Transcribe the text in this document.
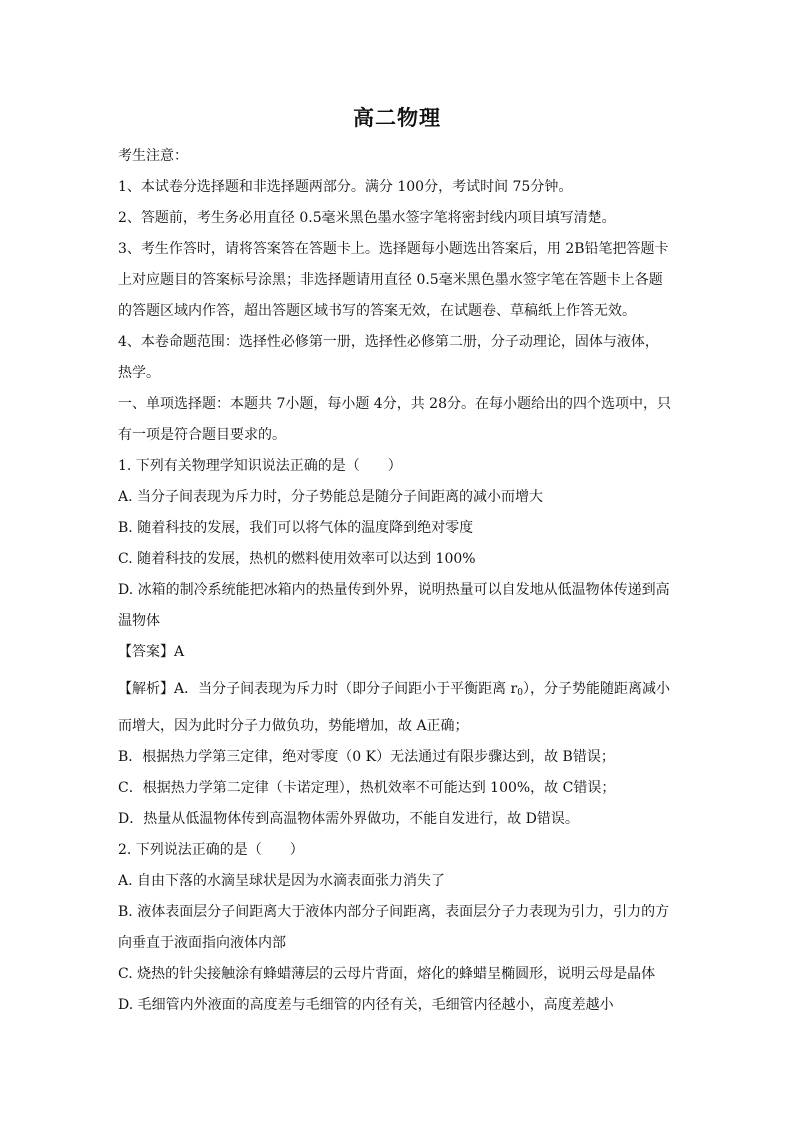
高二物理
考生注意：
1、本试卷分选择题和非选择题两部分。满分 100分，考试时间 75分钟。
2、答题前，考生务必用直径 0.5毫米黑色墨水签字笔将密封线内项目填写清楚。
3、考生作答时，请将答案答在答题卡上。选择题每小题选出答案后，用 2B铅笔把答题卡
上对应题目的答案标号涂黑；非选择题请用直径 0.5毫米黑色墨水签字笔在答题卡上各题
的答题区域内作答，超出答题区域书写的答案无效，在试题卷、草稿纸上作答无效。
4、本卷命题范围：选择性必修第一册，选择性必修第二册，分子动理论，固体与液体，
热学。
一、单项选择题：本题共 7小题，每小题 4分，共 28分。在每小题给出的四个选项中，只
有一项是符合题目要求的。
1. 下列有关物理学知识说法正确的是（　　）
A. 当分子间表现为斥力时，分子势能总是随分子间距离的减小而增大
B. 随着科技的发展，我们可以将气体的温度降到绝对零度
C. 随着科技的发展，热机的燃料使用效率可以达到 100%
D. 冰箱的制冷系统能把冰箱内的热量传到外界，说明热量可以自发地从低温物体传递到高
温物体
【答案】A
【解析】A．当分子间表现为斥力时（即分子间距小于平衡距离 $r_0$），分子势能随距离减小
而增大，因为此时分子力做负功，势能增加，故 A正确；
B．根据热力学第三定律，绝对零度（0 K）无法通过有限步骤达到，故 B错误；
C．根据热力学第二定律（卡诺定理），热机效率不可能达到 100%，故 C错误；
D．热量从低温物体传到高温物体需外界做功，不能自发进行，故 D错误。
2. 下列说法正确的是（　　）
A. 自由下落的水滴呈球状是因为水滴表面张力消失了
B. 液体表面层分子间距离大于液体内部分子间距离，表面层分子力表现为引力，引力的方
向垂直于液面指向液体内部
C. 烧热的针尖接触涂有蜂蜡薄层的云母片背面，熔化的蜂蜡呈椭圆形，说明云母是晶体
D. 毛细管内外液面的高度差与毛细管的内径有关，毛细管内径越小，高度差越小
